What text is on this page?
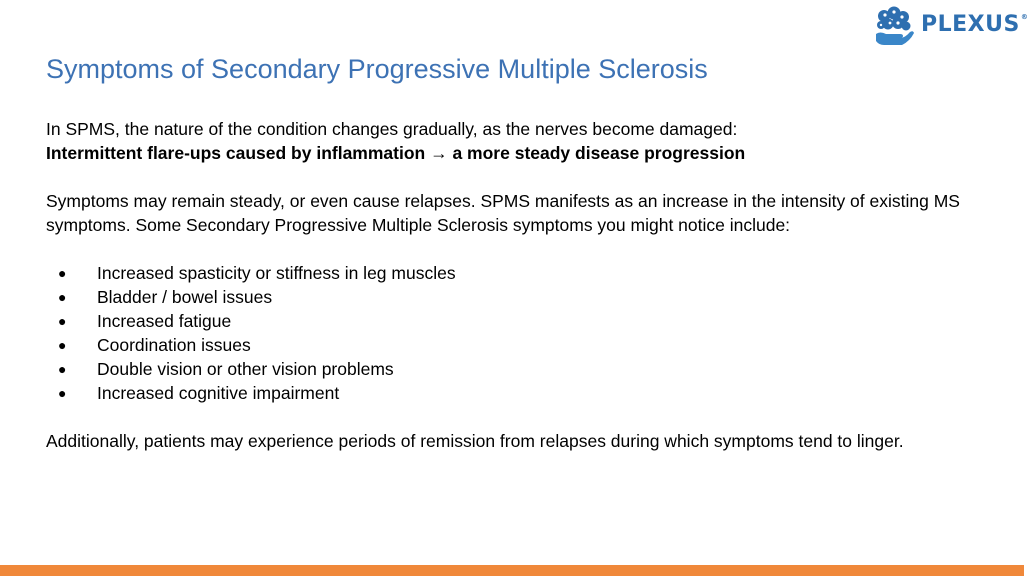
PLEXUS®
Symptoms of Secondary Progressive Multiple Sclerosis

In SPMS, the nature of the condition changes gradually, as the nerves become damaged:

Intermittent flare-ups caused by inflammation → a more steady disease progression

Symptoms may remain steady, or even cause relapses. SPMS manifests as an increase in the intensity of existing MS symptoms. Some Secondary Progressive Multiple Sclerosis symptoms you might notice include:

● Increased spasticity or stiffness in leg muscles
● Bladder / bowel issues
● Increased fatigue
● Coordination issues
● Double vision or other vision problems
● Increased cognitive impairment

Additionally, patients may experience periods of remission from relapses during which symptoms tend to linger.
